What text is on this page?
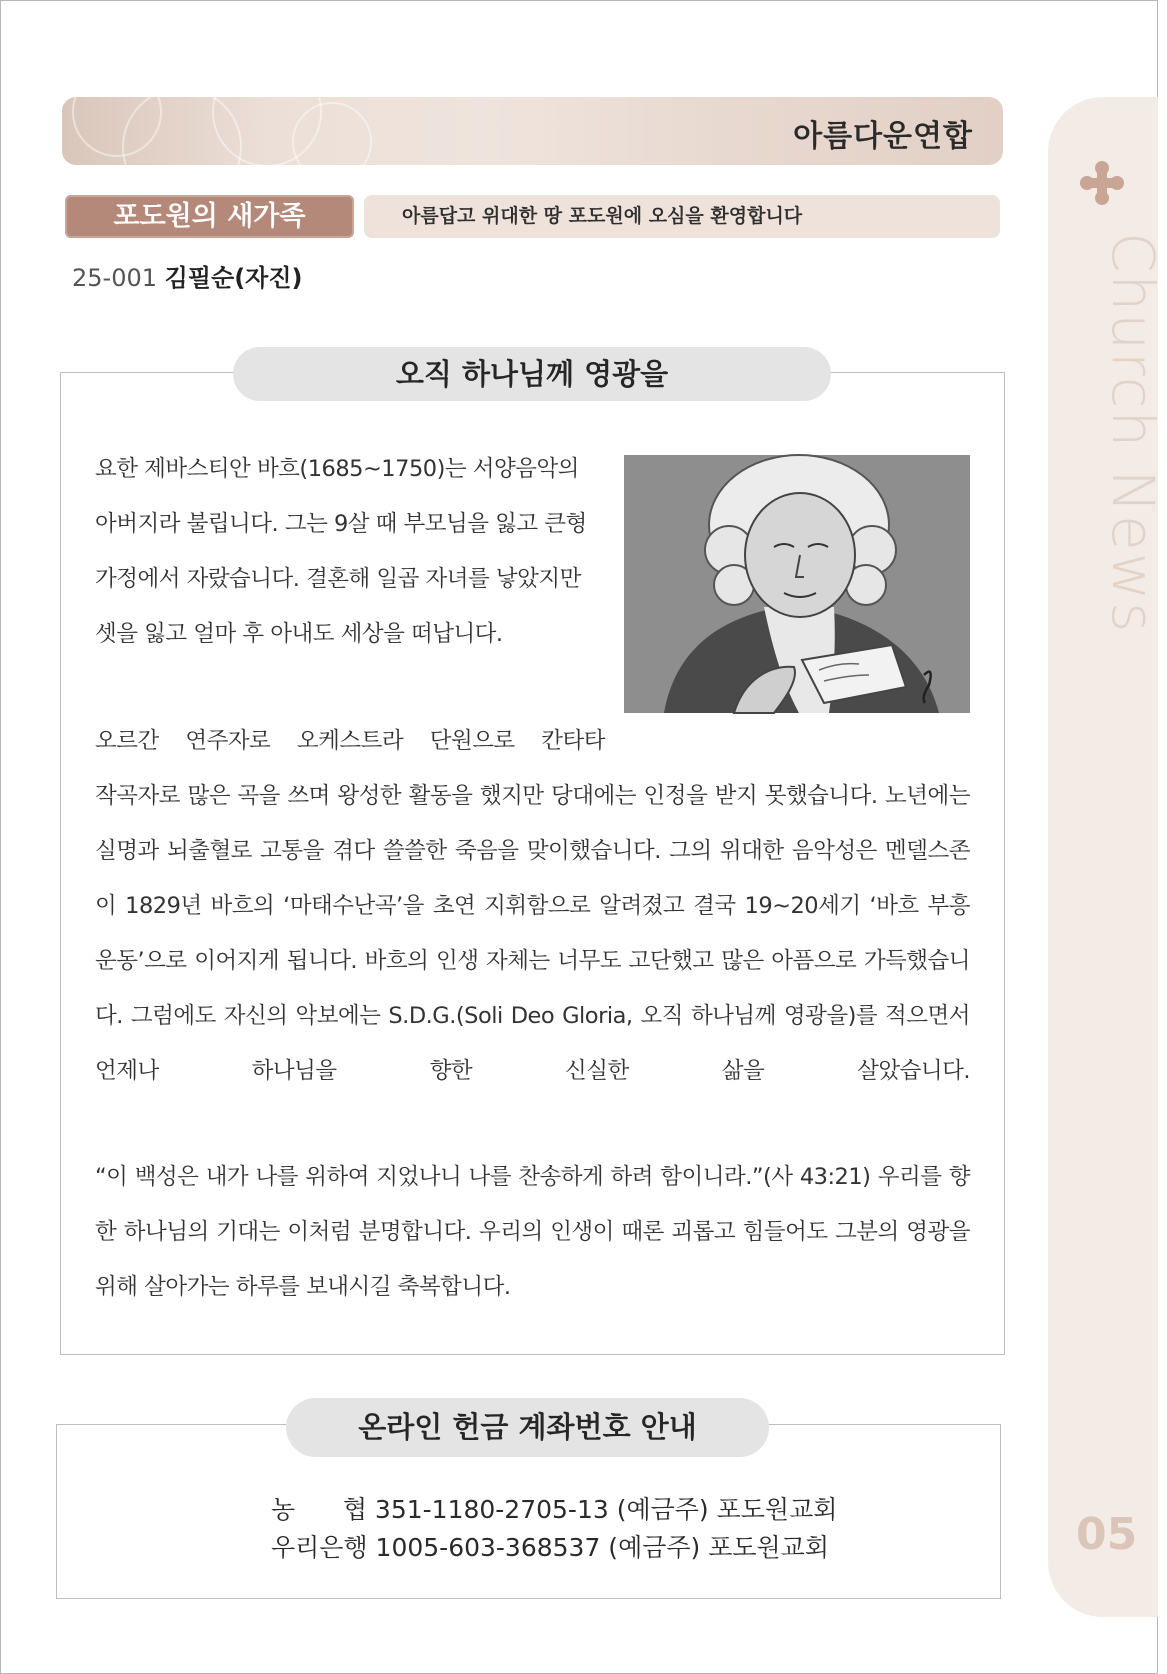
아름다운연합
포도원의 새가족	아름답고 위대한 땅 포도원에 오심을 환영합니다
25-001 김필순(자진)
오직 하나님께 영광을
요한 제바스티안 바흐(1685~1750)는 서양음악의 아버지라 불립니다. 그는 9살 때 부모님을 잃고 큰형 가정에서 자랐습니다. 결혼해 일곱 자녀를 낳았지만 셋을 잃고 얼마 후 아내도 세상을 떠납니다.
오르간 연주자로 오케스트라 단원으로 칸타타
작곡자로 많은 곡을 쓰며 왕성한 활동을 했지만 당대에는 인정을 받지 못했습니다. 노년에는 실명과 뇌출혈로 고통을 겪다 쓸쓸한 죽음을 맞이했습니다. 그의 위대한 음악성은 멘델스존이 1829년 바흐의 ‘마태수난곡’을 초연 지휘함으로 알려졌고 결국 19~20세기 ‘바흐 부흥 운동’으로 이어지게 됩니다. 바흐의 인생 자체는 너무도 고단했고 많은 아픔으로 가득했습니다. 그럼에도 자신의 악보에는 S.D.G.(Soli Deo Gloria, 오직 하나님께 영광을)를 적으면서 언제나 하나님을 향한 신실한 삶을 살았습니다.
“이 백성은 내가 나를 위하여 지었나니 나를 찬송하게 하려 함이니라.”(사 43:21) 우리를 향한 하나님의 기대는 이처럼 분명합니다. 우리의 인생이 때론 괴롭고 힘들어도 그분의 영광을 위해 살아가는 하루를 보내시길 축복합니다.
Church News
05
온라인 헌금 계좌번호 안내
농      협 351-1180-2705-13 (예금주) 포도원교회
우리은행 1005-603-368537 (예금주) 포도원교회
